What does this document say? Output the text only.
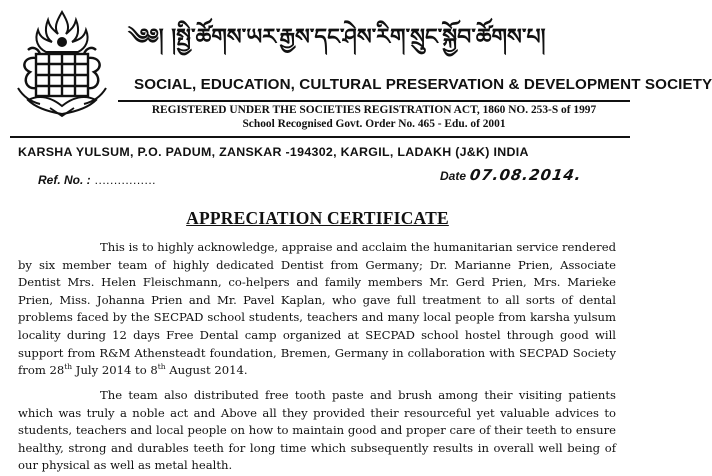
༄༅། །སྤྱི་ཚོགས་ཡར་རྒྱས་དང་ཤེས་རིག་སྲུང་སྐྱོབ་ཚོགས་པ།
SOCIAL, EDUCATION, CULTURAL PRESERVATION & DEVELOPMENT SOCIETY
REGISTERED UNDER THE SOCIETIES REGISTRATION ACT, 1860 NO. 253-S of 1997
School Recognised Govt. Order No. 465 - Edu. of 2001
KARSHA YULSUM, P.O. PADUM, ZANSKAR -194302, KARGIL, LADAKH (J&K) INDIA
Ref. No. : ................	Date 07.08.2014.
APPRECIATION CERTIFICATE
This is to highly acknowledge, appraise and acclaim the humanitarian service rendered by six member team of highly dedicated Dentist from Germany; Dr. Marianne Prien, Associate Dentist Mrs. Helen Fleischmann, co-helpers and family members Mr. Gerd Prien, Mrs. Marieke Prien, Miss. Johanna Prien and Mr. Pavel Kaplan, who gave full treatment to all sorts of dental problems faced by the SECPAD school students, teachers and many local people from karsha yulsum locality during 12 days Free Dental camp organized at SECPAD school hostel through good will support from R&M Athensteadt foundation, Bremen, Germany in collaboration with SECPAD Society from 28th July 2014 to 8th August 2014.
The team also distributed free tooth paste and brush among their visiting patients which was truly a noble act and Above all they provided their resourceful yet valuable advices to students, teachers and local people on how to maintain good and proper care of their teeth to ensure healthy, strong and durables teeth for long time which subsequently results in overall well being of our physical as well as metal health.
